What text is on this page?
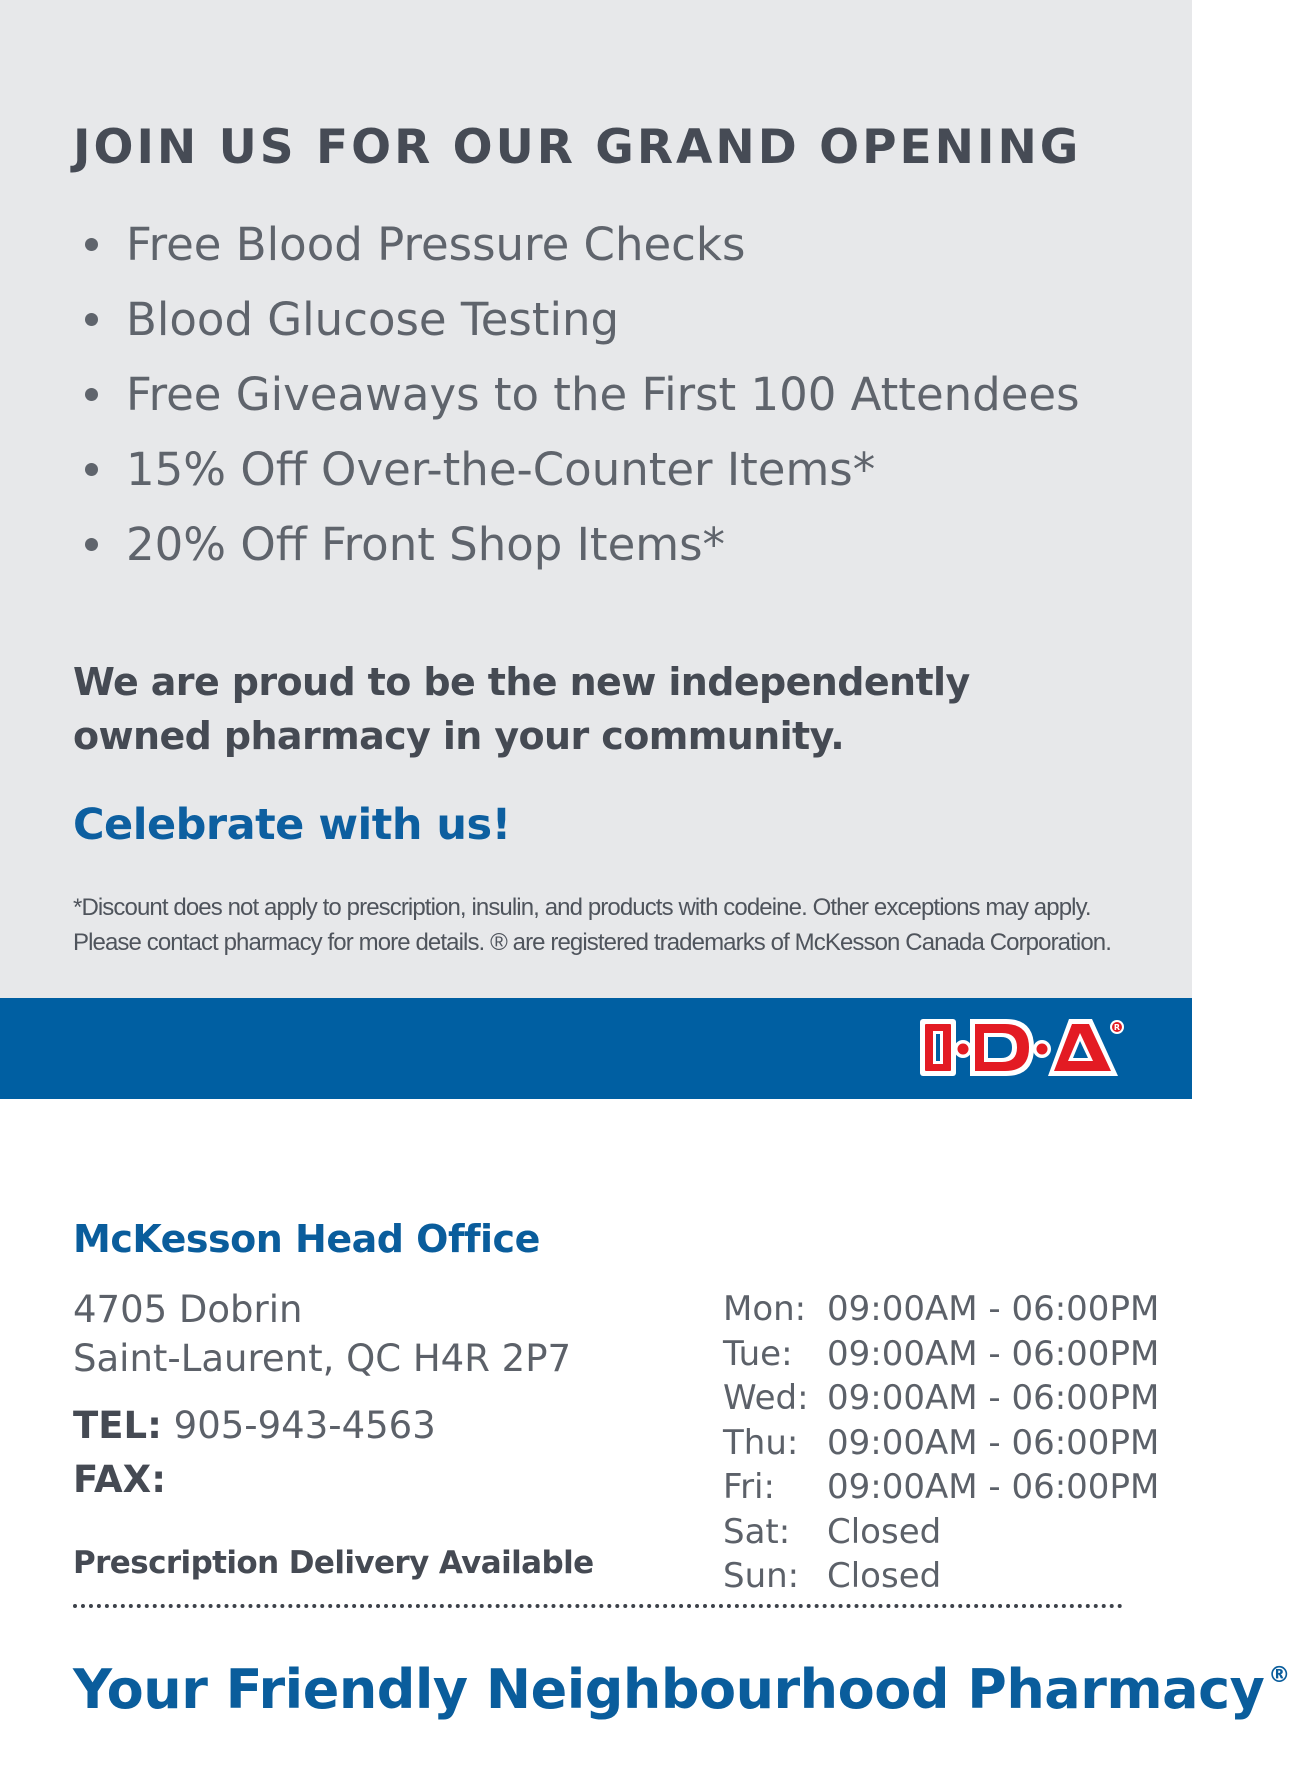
JOIN US FOR OUR GRAND OPENING
Free Blood Pressure Checks
Blood Glucose Testing
Free Giveaways to the First 100 Attendees
15% Off Over-the-Counter Items*
20% Off Front Shop Items*

We are proud to be the new independently owned pharmacy in your community.

Celebrate with us!

*Discount does not apply to prescription, insulin, and products with codeine. Other exceptions may apply.
Please contact pharmacy for more details. ® are registered trademarks of McKesson Canada Corporation.
R
McKesson Head Office
4705 Dobrin
Saint-Laurent, QC H4R 2P7
TEL: 905-943-4563
FAX:
Prescription Delivery Available
Mon: 09:00AM - 06:00PM
Tue: 09:00AM - 06:00PM
Wed: 09:00AM - 06:00PM
Thu: 09:00AM - 06:00PM
Fri: 09:00AM - 06:00PM
Sat: Closed
Sun: Closed
Your Friendly Neighbourhood Pharmacy ®
